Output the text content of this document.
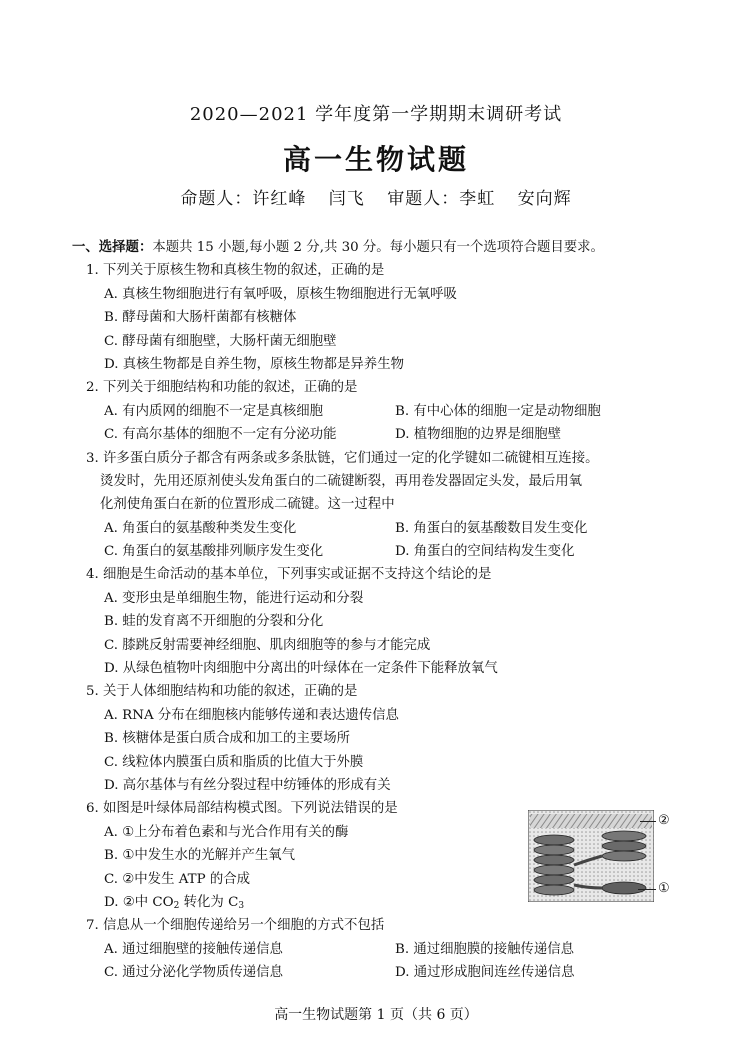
2020—2021 学年度第一学期期末调研考试
高一生物试题
命题人：许红峰 闫飞 审题人：李虹 安向辉
一、选择题：本题共 15 小题,每小题 2 分,共 30 分。每小题只有一个选项符合题目要求。
1. 下列关于原核生物和真核生物的叙述，正确的是
A. 真核生物细胞进行有氧呼吸，原核生物细胞进行无氧呼吸
B. 酵母菌和大肠杆菌都有核糖体
C. 酵母菌有细胞壁，大肠杆菌无细胞壁
D. 真核生物都是自养生物，原核生物都是异养生物
2. 下列关于细胞结构和功能的叙述，正确的是
A. 有内质网的细胞不一定是真核细胞	B. 有中心体的细胞一定是动物细胞
C. 有高尔基体的细胞不一定有分泌功能	D. 植物细胞的边界是细胞壁
3. 许多蛋白质分子都含有两条或多条肽链，它们通过一定的化学键如二硫键相互连接。
烫发时，先用还原剂使头发角蛋白的二硫键断裂，再用卷发器固定头发，最后用氧
化剂使角蛋白在新的位置形成二硫键。这一过程中
A. 角蛋白的氨基酸种类发生变化	B. 角蛋白的氨基酸数目发生变化
C. 角蛋白的氨基酸排列顺序发生变化	D. 角蛋白的空间结构发生变化
4. 细胞是生命活动的基本单位，下列事实或证据不支持这个结论的是
A. 变形虫是单细胞生物，能进行运动和分裂
B. 蛙的发育离不开细胞的分裂和分化
C. 膝跳反射需要神经细胞、肌肉细胞等的参与才能完成
D. 从绿色植物叶肉细胞中分离出的叶绿体在一定条件下能释放氧气
5. 关于人体细胞结构和功能的叙述，正确的是
A. RNA 分布在细胞核内能够传递和表达遗传信息
B. 核糖体是蛋白质合成和加工的主要场所
C. 线粒体内膜蛋白质和脂质的比值大于外膜
D. 高尔基体与有丝分裂过程中纺锤体的形成有关
6. 如图是叶绿体局部结构模式图。下列说法错误的是
A. ①上分布着色素和与光合作用有关的酶
B. ①中发生水的光解并产生氧气
C. ②中发生 ATP 的合成
D. ②中 $CO_2$ 转化为 $C_3$
7. 信息从一个细胞传递给另一个细胞的方式不包括
A. 通过细胞壁的接触传递信息	B. 通过细胞膜的接触传递信息
C. 通过分泌化学物质传递信息	D. 通过形成胞间连丝传递信息
②
①
高一生物试题第 1 页（共 6 页）
